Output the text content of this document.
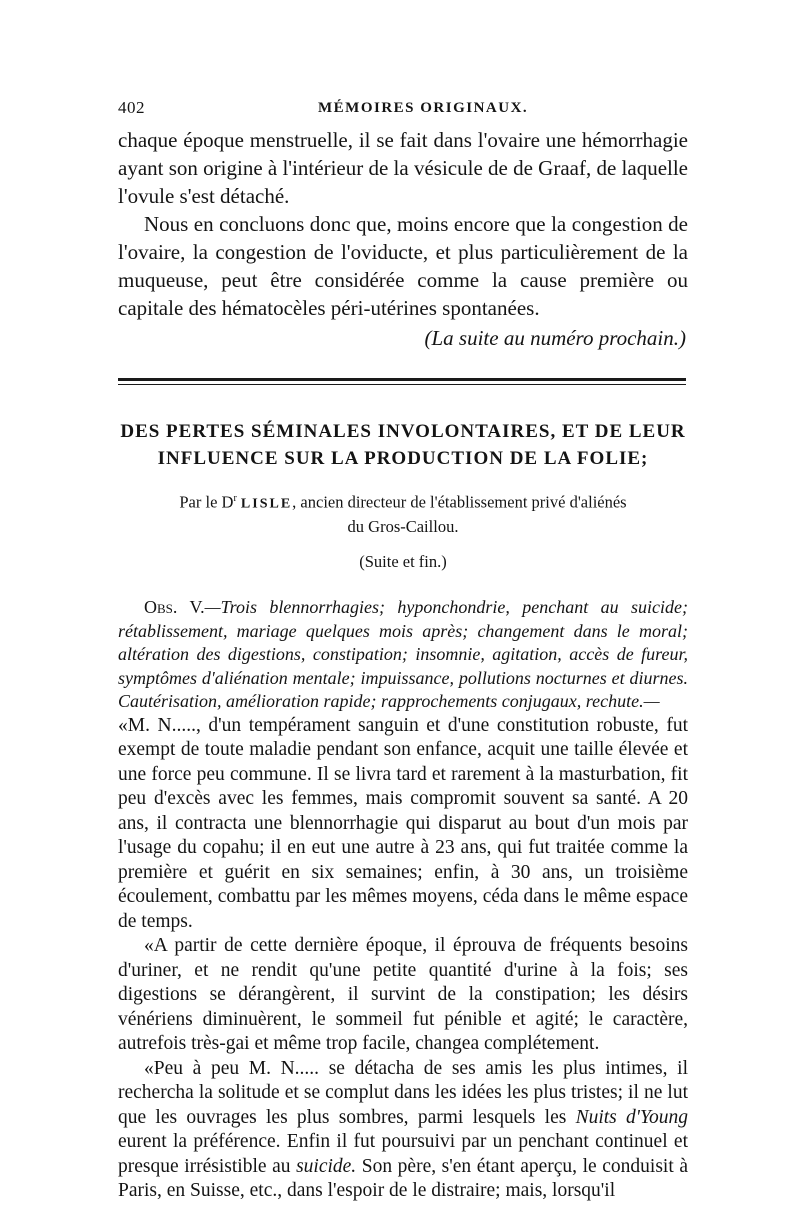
402	MÉMOIRES ORIGINAUX.

chaque époque menstruelle, il se fait dans l'ovaire une hémorrhagie ayant son origine à l'intérieur de la vésicule de de Graaf, de laquelle l'ovule s'est détaché.

Nous en concluons donc que, moins encore que la congestion de l'ovaire, la congestion de l'oviducte, et plus particulièrement de la muqueuse, peut être considérée comme la cause première ou capitale des hématocèles péri-utérines spontanées.

(La suite au numéro prochain.)
DES PERTES SÉMINALES INVOLONTAIRES, ET DE LEUR
INFLUENCE SUR LA PRODUCTION DE LA FOLIE;
Par le $D^r$ LISLE, ancien directeur de l'établissement privé d'aliénés
du Gros-Caillou.
(Suite et fin.)

Obs. V.—Trois blennorrhagies; hyponchondrie, penchant au suicide; rétablissement, mariage quelques mois après; changement dans le moral; altération des digestions, constipation; insomnie, agitation, accès de fureur, symptômes d'aliénation mentale; impuissance, pollutions nocturnes et diurnes. Cautérisation, amélioration rapide; rapprochements conjugaux, rechute.—

«M. N....., d'un tempérament sanguin et d'une constitution robuste, fut exempt de toute maladie pendant son enfance, acquit une taille élevée et une force peu commune. Il se livra tard et rarement à la masturbation, fit peu d'excès avec les femmes, mais compromit souvent sa santé. A 20 ans, il contracta une blennorrhagie qui disparut au bout d'un mois par l'usage du copahu; il en eut une autre à 23 ans, qui fut traitée comme la première et guérit en six semaines; enfin, à 30 ans, un troisième écoulement, combattu par les mêmes moyens, céda dans le même espace de temps.

«A partir de cette dernière époque, il éprouva de fréquents besoins d'uriner, et ne rendit qu'une petite quantité d'urine à la fois; ses digestions se dérangèrent, il survint de la constipation; les désirs vénériens diminuèrent, le sommeil fut pénible et agité; le caractère, autrefois très-gai et même trop facile, changea complétement.

«Peu à peu M. N..... se détacha de ses amis les plus intimes, il rechercha la solitude et se complut dans les idées les plus tristes; il ne lut que les ouvrages les plus sombres, parmi lesquels les Nuits d'Young eurent la préférence. Enfin il fut poursuivi par un penchant continuel et presque irrésistible au suicide. Son père, s'en étant aperçu, le conduisit à Paris, en Suisse, etc., dans l'espoir de le distraire; mais, lorsqu'il
